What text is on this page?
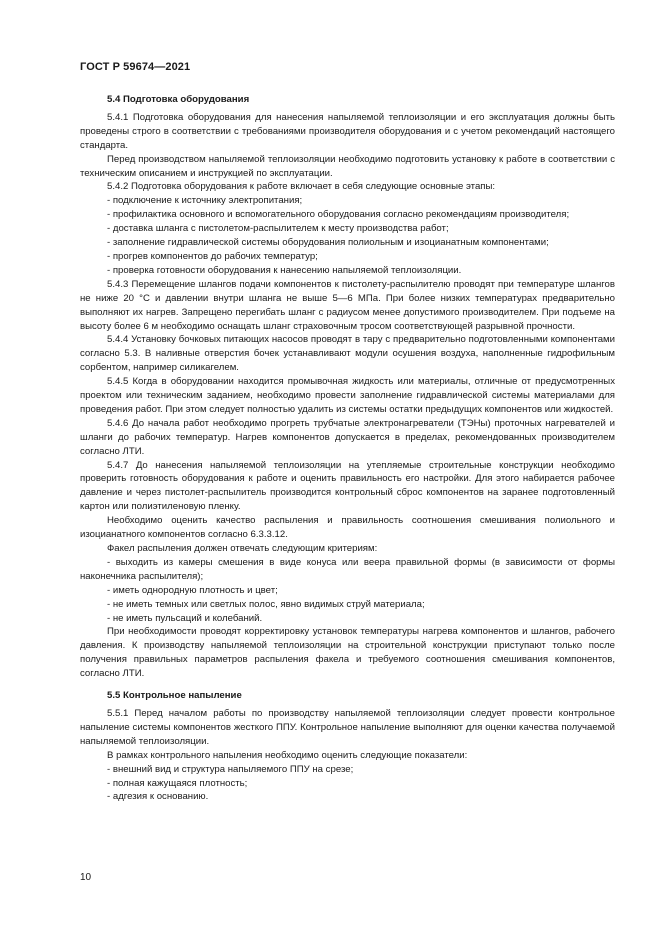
ГОСТ Р 59674—2021

5.4 Подготовка оборудования

5.4.1 Подготовка оборудования для нанесения напыляемой теплоизоляции и его эксплуатация должны быть проведены строго в соответствии с требованиями производителя оборудования и с учетом рекомендаций настоящего стандарта.

Перед производством напыляемой теплоизоляции необходимо подготовить установку к работе в соответствии с техническим описанием и инструкцией по эксплуатации.

5.4.2 Подготовка оборудования к работе включает в себя следующие основные этапы:

- подключение к источнику электропитания;

- профилактика основного и вспомогательного оборудования согласно рекомендациям производителя;

- доставка шланга с пистолетом-распылителем к месту производства работ;

- заполнение гидравлической системы оборудования полиольным и изоцианатным компонентами;

- прогрев компонентов до рабочих температур;

- проверка готовности оборудования к нанесению напыляемой теплоизоляции.

5.4.3 Перемещение шлангов подачи компонентов к пистолету-распылителю проводят при температуре шлангов не ниже 20 °С и давлении внутри шланга не выше 5—6 МПа. При более низких температурах предварительно выполняют их нагрев. Запрещено перегибать шланг с радиусом менее допустимого производителем. При подъеме на высоту более 6 м необходимо оснащать шланг страховочным тросом соответствующей разрывной прочности.

5.4.4 Установку бочковых питающих насосов проводят в тару с предварительно подготовленными компонентами согласно 5.3. В наливные отверстия бочек устанавливают модули осушения воздуха, наполненные гидрофильным сорбентом, например силикагелем.

5.4.5 Когда в оборудовании находится промывочная жидкость или материалы, отличные от предусмотренных проектом или техническим заданием, необходимо провести заполнение гидравлической системы материалами для проведения работ. При этом следует полностью удалить из системы остатки предыдущих компонентов или жидкостей.

5.4.6 До начала работ необходимо прогреть трубчатые электронагреватели (ТЭНы) проточных нагревателей и шланги до рабочих температур. Нагрев компонентов допускается в пределах, рекомендованных производителем согласно ЛТИ.

5.4.7 До нанесения напыляемой теплоизоляции на утепляемые строительные конструкции необходимо проверить готовность оборудования к работе и оценить правильность его настройки. Для этого набирается рабочее давление и через пистолет-распылитель производится контрольный сброс компонентов на заранее подготовленный картон или полиэтиленовую пленку.

Необходимо оценить качество распыления и правильность соотношения смешивания полиольного и изоцианатного компонентов согласно 6.3.3.12.

Факел распыления должен отвечать следующим критериям:

- выходить из камеры смешения в виде конуса или веера правильной формы (в зависимости от формы наконечника распылителя);

- иметь однородную плотность и цвет;

- не иметь темных или светлых полос, явно видимых струй материала;

- не иметь пульсаций и колебаний.

При необходимости проводят корректировку установок температуры нагрева компонентов и шлангов, рабочего давления. К производству напыляемой теплоизоляции на строительной конструкции приступают только после получения правильных параметров распыления факела и требуемого соотношения смешивания компонентов, согласно ЛТИ.

5.5 Контрольное напыление

5.5.1 Перед началом работы по производству напыляемой теплоизоляции следует провести контрольное напыление системы компонентов жесткого ППУ. Контрольное напыление выполняют для оценки качества получаемой напыляемой теплоизоляции.

В рамках контрольного напыления необходимо оценить следующие показатели:

- внешний вид и структура напыляемого ППУ на срезе;

- полная кажущаяся плотность;

- адгезия к основанию.

10
